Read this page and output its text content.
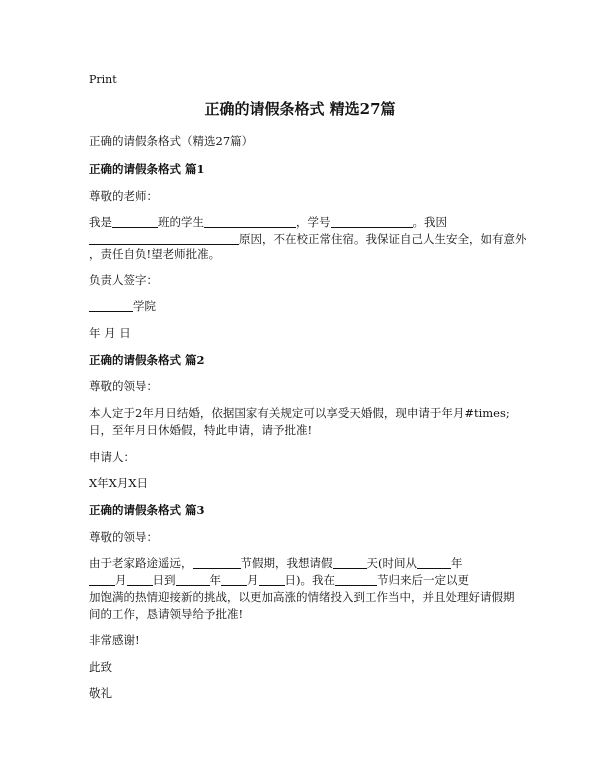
Print
正确的请假条格式 精选27篇
正确的请假条格式（精选27篇）
正确的请假条格式 篇1
尊敬的老师：
我是	班的学生	，学号	。我因
原因，不在校正常住宿。我保证自己人生安全，如有意外
，责任自负!望老师批准。
负责人签字：
学院
年 月 日
正确的请假条格式 篇2
尊敬的领导：
本人定于2年月日结婚，依据国家有关规定可以享受天婚假，现申请于年月#times;
日，至年月日休婚假，特此申请，请予批准!
申请人：
X年X月X日
正确的请假条格式 篇3
尊敬的领导：
由于老家路途遥远，	节假期，我想请假	天(时间从	年
月 日到	年 月 日)。我在	节归来后一定以更
加饱满的热情迎接新的挑战，以更加高涨的情绪投入到工作当中，并且处理好请假期
间的工作，恳请领导给予批准!
非常感谢!
此致
敬礼
